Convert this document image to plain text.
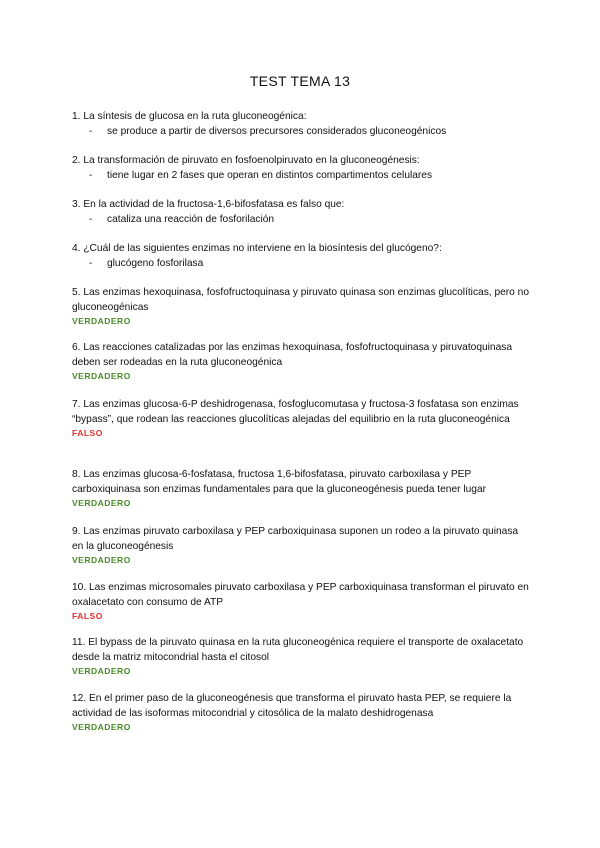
TEST TEMA 13
1. La síntesis de glucosa en la ruta gluconeogénica:
- se produce a partir de diversos precursores considerados gluconeogénicos
2. La transformación de piruvato en fosfoenolpiruvato en la gluconeogénesis:
- tiene lugar en 2 fases que operan en distintos compartimentos celulares
3. En la actividad de la fructosa-1,6-bifosfatasa es falso que:
- cataliza una reacción de fosforilación
4. ¿Cuál de las siguientes enzimas no interviene en la biosíntesis del glucógeno?:
- glucógeno fosforilasa
5. Las enzimas hexoquinasa, fosfofructoquinasa y piruvato quinasa son enzimas glucolíticas, pero no gluconeogénicas
VERDADERO
6. Las reacciones catalizadas por las enzimas hexoquinasa, fosfofructoquinasa y piruvatoquinasa deben ser rodeadas en la ruta gluconeogénica
VERDADERO
7. Las enzimas glucosa-6-P deshidrogenasa, fosfoglucomutasa y fructosa-3 fosfatasa son enzimas “bypass”, que rodean las reacciones glucolíticas alejadas del equilibrio en la ruta gluconeogénica
FALSO
8. Las enzimas glucosa-6-fosfatasa, fructosa 1,6-bifosfatasa, piruvato carboxilasa y PEP carboxiquinasa son enzimas fundamentales para que la gluconeogénesis pueda tener lugar
VERDADERO
9. Las enzimas piruvato carboxilasa y PEP carboxiquinasa suponen un rodeo a la piruvato quinasa en la gluconeogénesis
VERDADERO
10. Las enzimas microsomales piruvato carboxilasa y PEP carboxiquinasa transforman el piruvato en oxalacetato con consumo de ATP
FALSO
11. El bypass de la piruvato quinasa en la ruta gluconeogénica requiere el transporte de oxalacetato desde la matriz mitocondrial hasta el citosol
VERDADERO
12. En el primer paso de la gluconeogénesis que transforma el piruvato hasta PEP, se requiere la actividad de las isoformas mitocondrial y citosólica de la malato deshidrogenasa
VERDADERO
